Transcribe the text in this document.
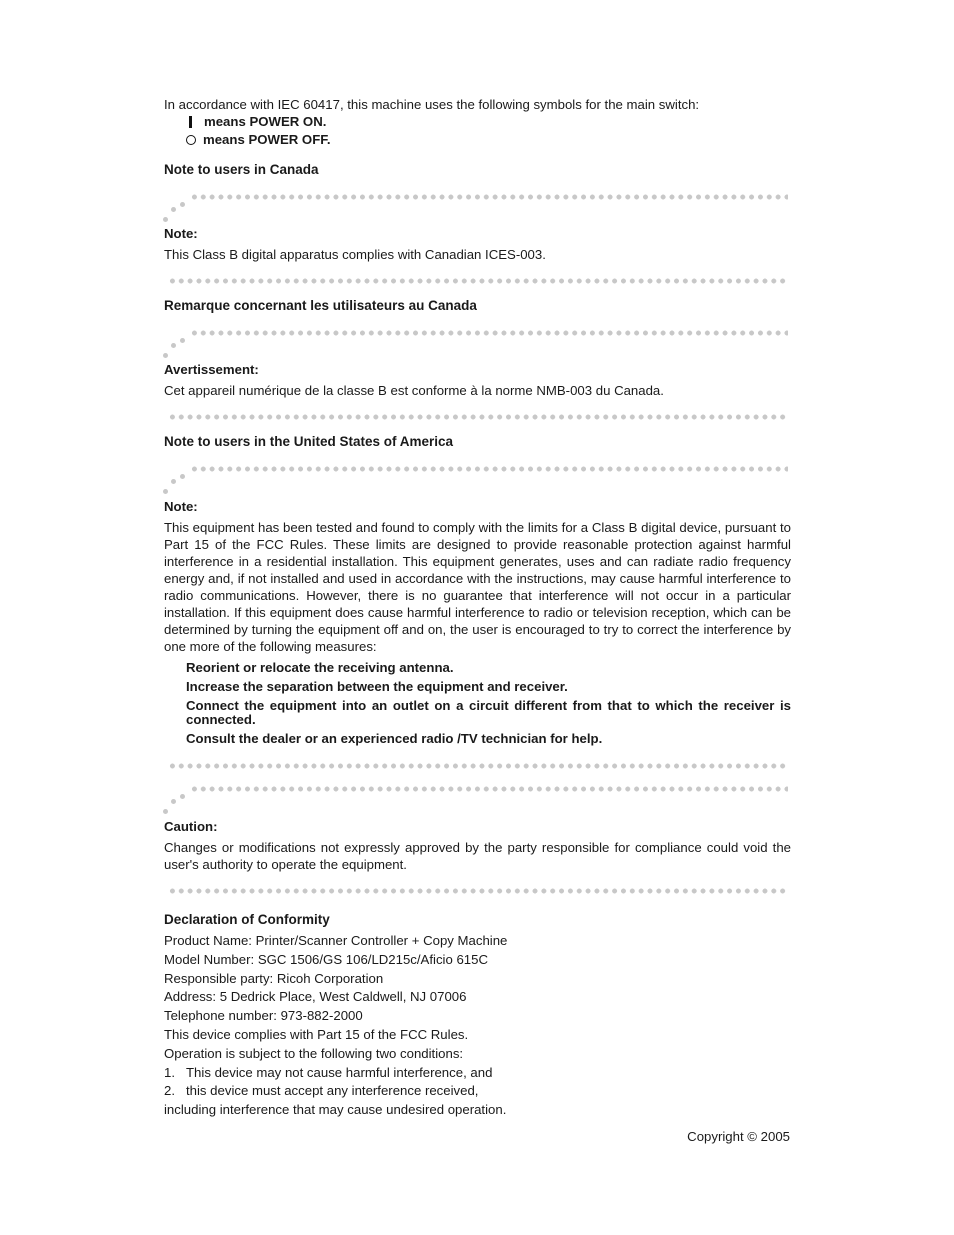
In accordance with IEC 60417, this machine uses the following symbols for the main switch:
means POWER ON.
means POWER OFF.
Note to users in Canada
Note:
This Class B digital apparatus complies with Canadian ICES-003.
Remarque concernant les utilisateurs au Canada
Avertissement:
Cet appareil numérique de la classe B est conforme à la norme NMB-003 du Canada.
Note to users in the United States of America
Note:
This equipment has been tested and found to comply with the limits for a Class B digital device, pursuant to Part 15 of the FCC Rules. These limits are designed to provide reasonable protection against harmful interference in a residential installation. This equipment generates, uses and can radiate radio frequency energy and, if not installed and used in accordance with the instructions, may cause harmful interference to radio communications. However, there is no guarantee that interference will not occur in a particular installation. If this equipment does cause harmful interference to radio or television reception, which can be determined by turning the equipment off and on, the user is encouraged to try to correct the interference by one more of the following measures:
Reorient or relocate the receiving antenna.
Increase the separation between the equipment and receiver.
Connect the equipment into an outlet on a circuit different from that to which the receiver is connected.
Consult the dealer or an experienced radio /TV technician for help.
Caution:
Changes or modifications not expressly approved by the party responsible for compliance could void the user's authority to operate the equipment.
Declaration of Conformity
Product Name: Printer/Scanner Controller + Copy Machine
Model Number: SGC 1506/GS 106/LD215c/Aficio 615C
Responsible party: Ricoh Corporation
Address: 5 Dedrick Place, West Caldwell, NJ 07006
Telephone number: 973-882-2000
This device complies with Part 15 of the FCC Rules.
Operation is subject to the following two conditions:
1. This device may not cause harmful interference, and
2. this device must accept any interference received,
including interference that may cause undesired operation.
Copyright © 2005
